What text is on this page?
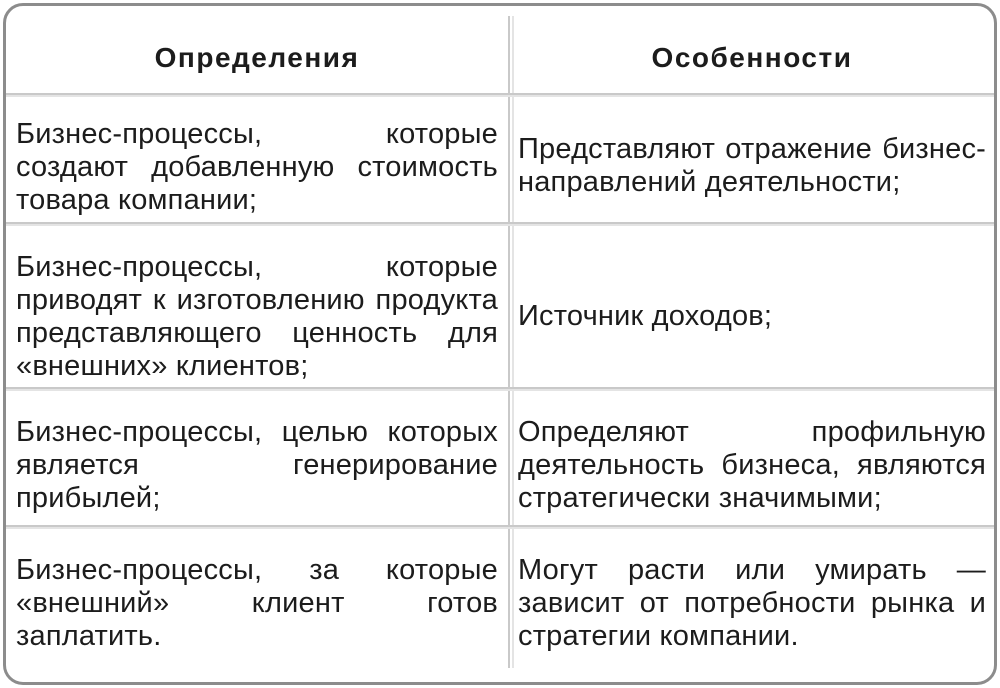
Определения	Особенности
Бизнес-процессы, которые создают добавленную стоимость товара компании;
Представляют отражение бизнес-направлений деятельности;
Бизнес-процессы, которые приводят к изготовлению продукта представляющего ценность для «внешних» клиентов;
Источник доходов;
Бизнес-процессы, целью которых является генерирование прибылей;
Определяют профильную деятельность бизнеса, являются стратегически значимыми;
Бизнес-процессы, за которые «внешний» клиент готов заплатить.
Могут расти или умирать — зависит от потребности рынка и стратегии компании.
